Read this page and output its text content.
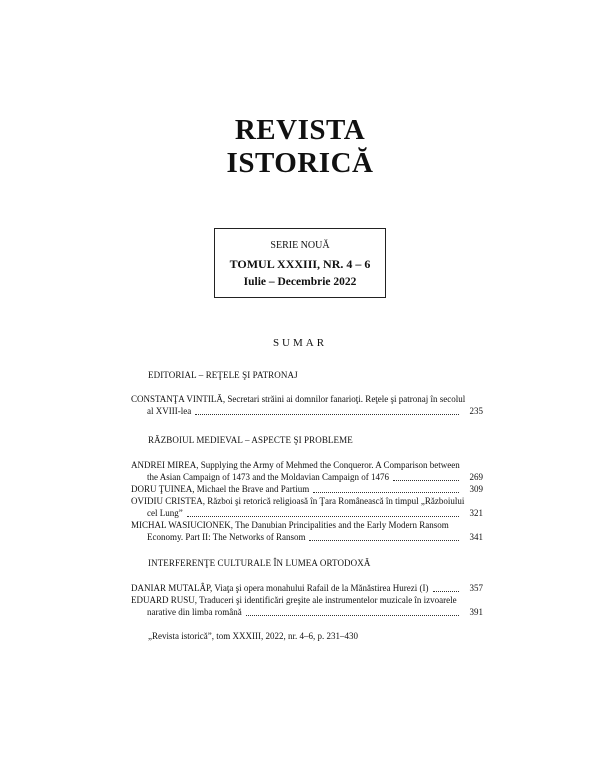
REVISTA
ISTORICĂ
SERIE NOUĂ
TOMUL XXXIII, NR. 4 – 6
Iulie – Decembrie 2022
SUMAR
EDITORIAL – REŢELE ŞI PATRONAJ
CONSTANŢA VINTILĂ, Secretari străini ai domnilor fanarioţi. Reţele şi patronaj în secolul
al XVIII-lea	235
RĂZBOIUL MEDIEVAL – ASPECTE ŞI PROBLEME
ANDREI MIREA, Supplying the Army of Mehmed the Conqueror. A Comparison between
the Asian Campaign of 1473 and the Moldavian Campaign of 1476	269
DORU ŢUINEA, Michael the Brave and Partium	309
OVIDIU CRISTEA, Război şi retorică religioasă în Ţara Românească în timpul „Războiului
cel Lung”	321
MICHAL WASIUCIONEK, The Danubian Principalities and the Early Modern Ransom
Economy. Part II: The Networks of Ransom	341
INTERFERENŢE CULTURALE ÎN LUMEA ORTODOXĂ
DANIAR MUTALÂP, Viaţa şi opera monahului Rafail de la Mănăstirea Hurezi (I)	357
EDUARD RUSU, Traduceri şi identificări greşite ale instrumentelor muzicale în izvoarele
narative din limba română	391
„Revista istorică”, tom XXXIII, 2022, nr. 4–6, p. 231–430
